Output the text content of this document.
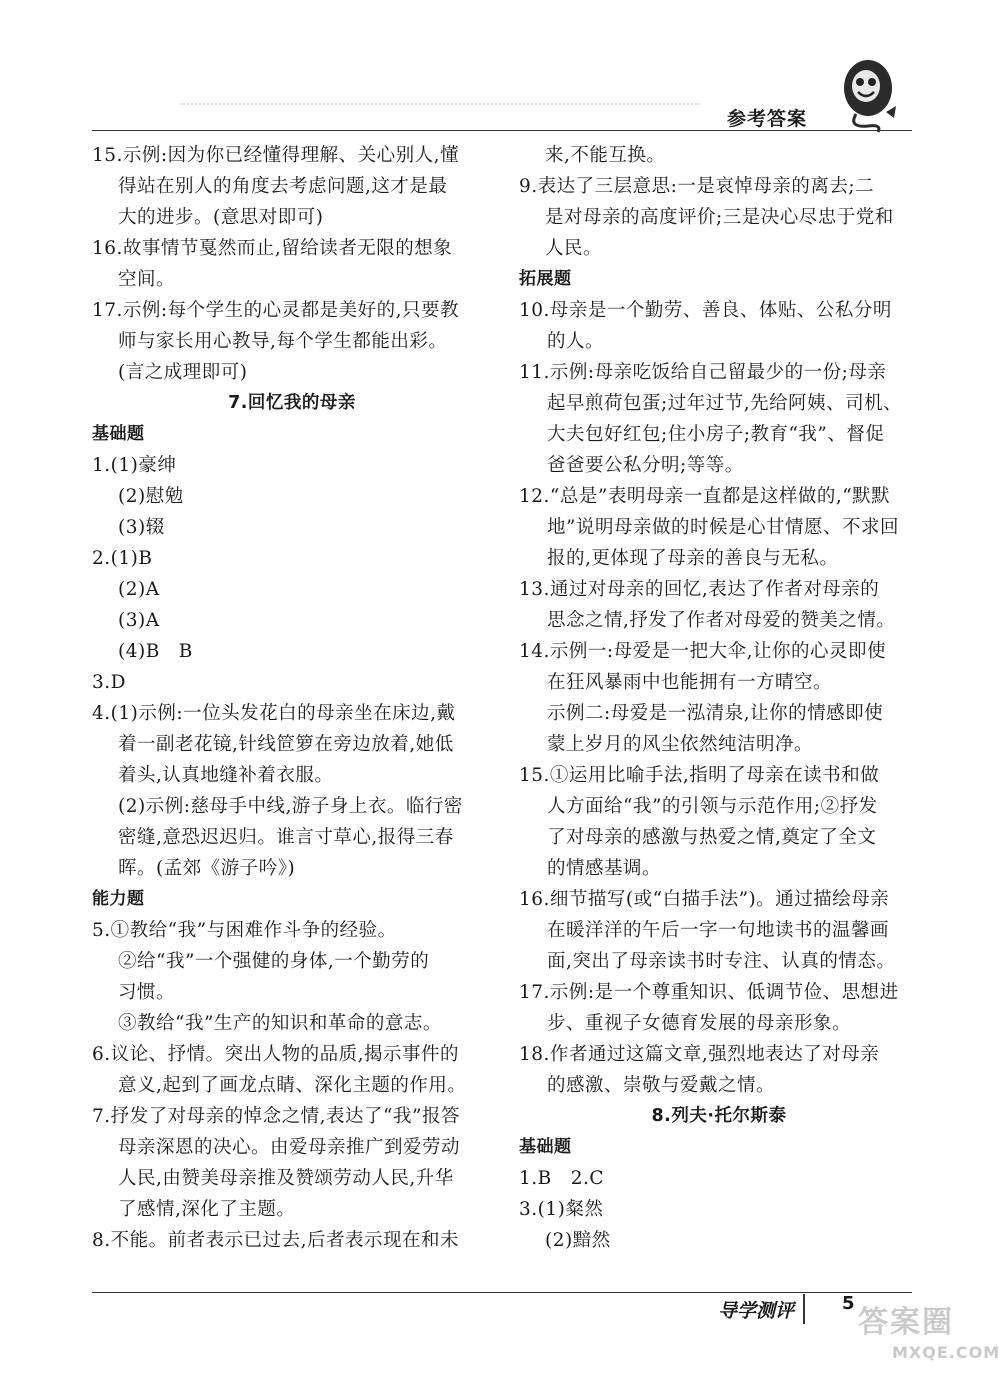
参考答案
15.示例:因为你已经懂得理解、关心别人,懂
得站在别人的角度去考虑问题,这才是最
大的进步。(意思对即可)
16.故事情节戛然而止,留给读者无限的想象
空间。
17.示例:每个学生的心灵都是美好的,只要教
师与家长用心教导,每个学生都能出彩。
(言之成理即可)
7.回忆我的母亲
基础题
1.(1)豪绅
(2)慰勉
(3)辍
2.(1)B
(2)A
(3)A
(4)B　B
3.D
4.(1)示例:一位头发花白的母亲坐在床边,戴
着一副老花镜,针线笸箩在旁边放着,她低
着头,认真地缝补着衣服。
(2)示例:慈母手中线,游子身上衣。临行密
密缝,意恐迟迟归。谁言寸草心,报得三春
晖。(孟郊《游子吟》)
能力题
5.①教给“我”与困难作斗争的经验。
②给“我”一个强健的身体,一个勤劳的
习惯。
③教给“我”生产的知识和革命的意志。
6.议论、抒情。突出人物的品质,揭示事件的
意义,起到了画龙点睛、深化主题的作用。
7.抒发了对母亲的悼念之情,表达了“我”报答
母亲深恩的决心。由爱母亲推广到爱劳动
人民,由赞美母亲推及赞颂劳动人民,升华
了感情,深化了主题。
8.不能。前者表示已过去,后者表示现在和未
来,不能互换。
9.表达了三层意思:一是哀悼母亲的离去;二
是对母亲的高度评价;三是决心尽忠于党和
人民。
拓展题
10.母亲是一个勤劳、善良、体贴、公私分明
的人。
11.示例:母亲吃饭给自己留最少的一份;母亲
起早煎荷包蛋;过年过节,先给阿姨、司机、
大夫包好红包;住小房子;教育“我”、督促
爸爸要公私分明;等等。
12.“总是”表明母亲一直都是这样做的,“默默
地”说明母亲做的时候是心甘情愿、不求回
报的,更体现了母亲的善良与无私。
13.通过对母亲的回忆,表达了作者对母亲的
思念之情,抒发了作者对母爱的赞美之情。
14.示例一:母爱是一把大伞,让你的心灵即使
在狂风暴雨中也能拥有一方晴空。
示例二:母爱是一泓清泉,让你的情感即使
蒙上岁月的风尘依然纯洁明净。
15.①运用比喻手法,指明了母亲在读书和做
人方面给“我”的引领与示范作用;②抒发
了对母亲的感激与热爱之情,奠定了全文
的情感基调。
16.细节描写(或“白描手法”)。通过描绘母亲
在暖洋洋的午后一字一句地读书的温馨画
面,突出了母亲读书时专注、认真的情态。
17.示例:是一个尊重知识、低调节俭、思想进
步、重视子女德育发展的母亲形象。
18.作者通过这篇文章,强烈地表达了对母亲
的感激、崇敬与爱戴之情。
8.列夫·托尔斯泰
基础题
1.B　2.C
3.(1)粲然
(2)黯然
导学测评	5
答案圈
MXQE.COM
